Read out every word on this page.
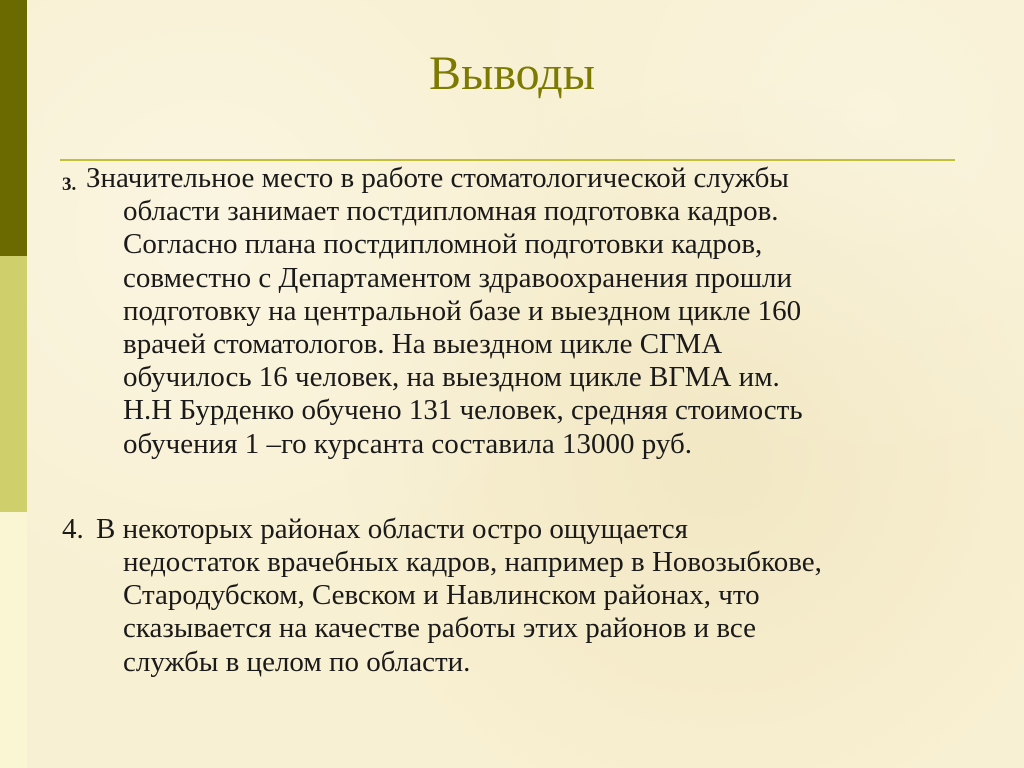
Выводы
3. Значительное место в работе стоматологической службы
области занимает постдипломная подготовка кадров.
Согласно плана постдипломной подготовки кадров,
совместно с Департаментом здравоохранения прошли
подготовку на центральной базе и выездном цикле 160
врачей стоматологов. На выездном цикле СГМА
обучилось 16 человек, на выездном цикле ВГМА им.
Н.Н Бурденко обучено 131 человек, средняя стоимость
обучения 1 –го курсанта составила 13000 руб.
4. В некоторых районах области остро ощущается
недостаток врачебных кадров, например в Новозыбкове,
Стародубском, Севском и Навлинском районах, что
сказывается на качестве работы этих районов и все
службы в целом по области.
